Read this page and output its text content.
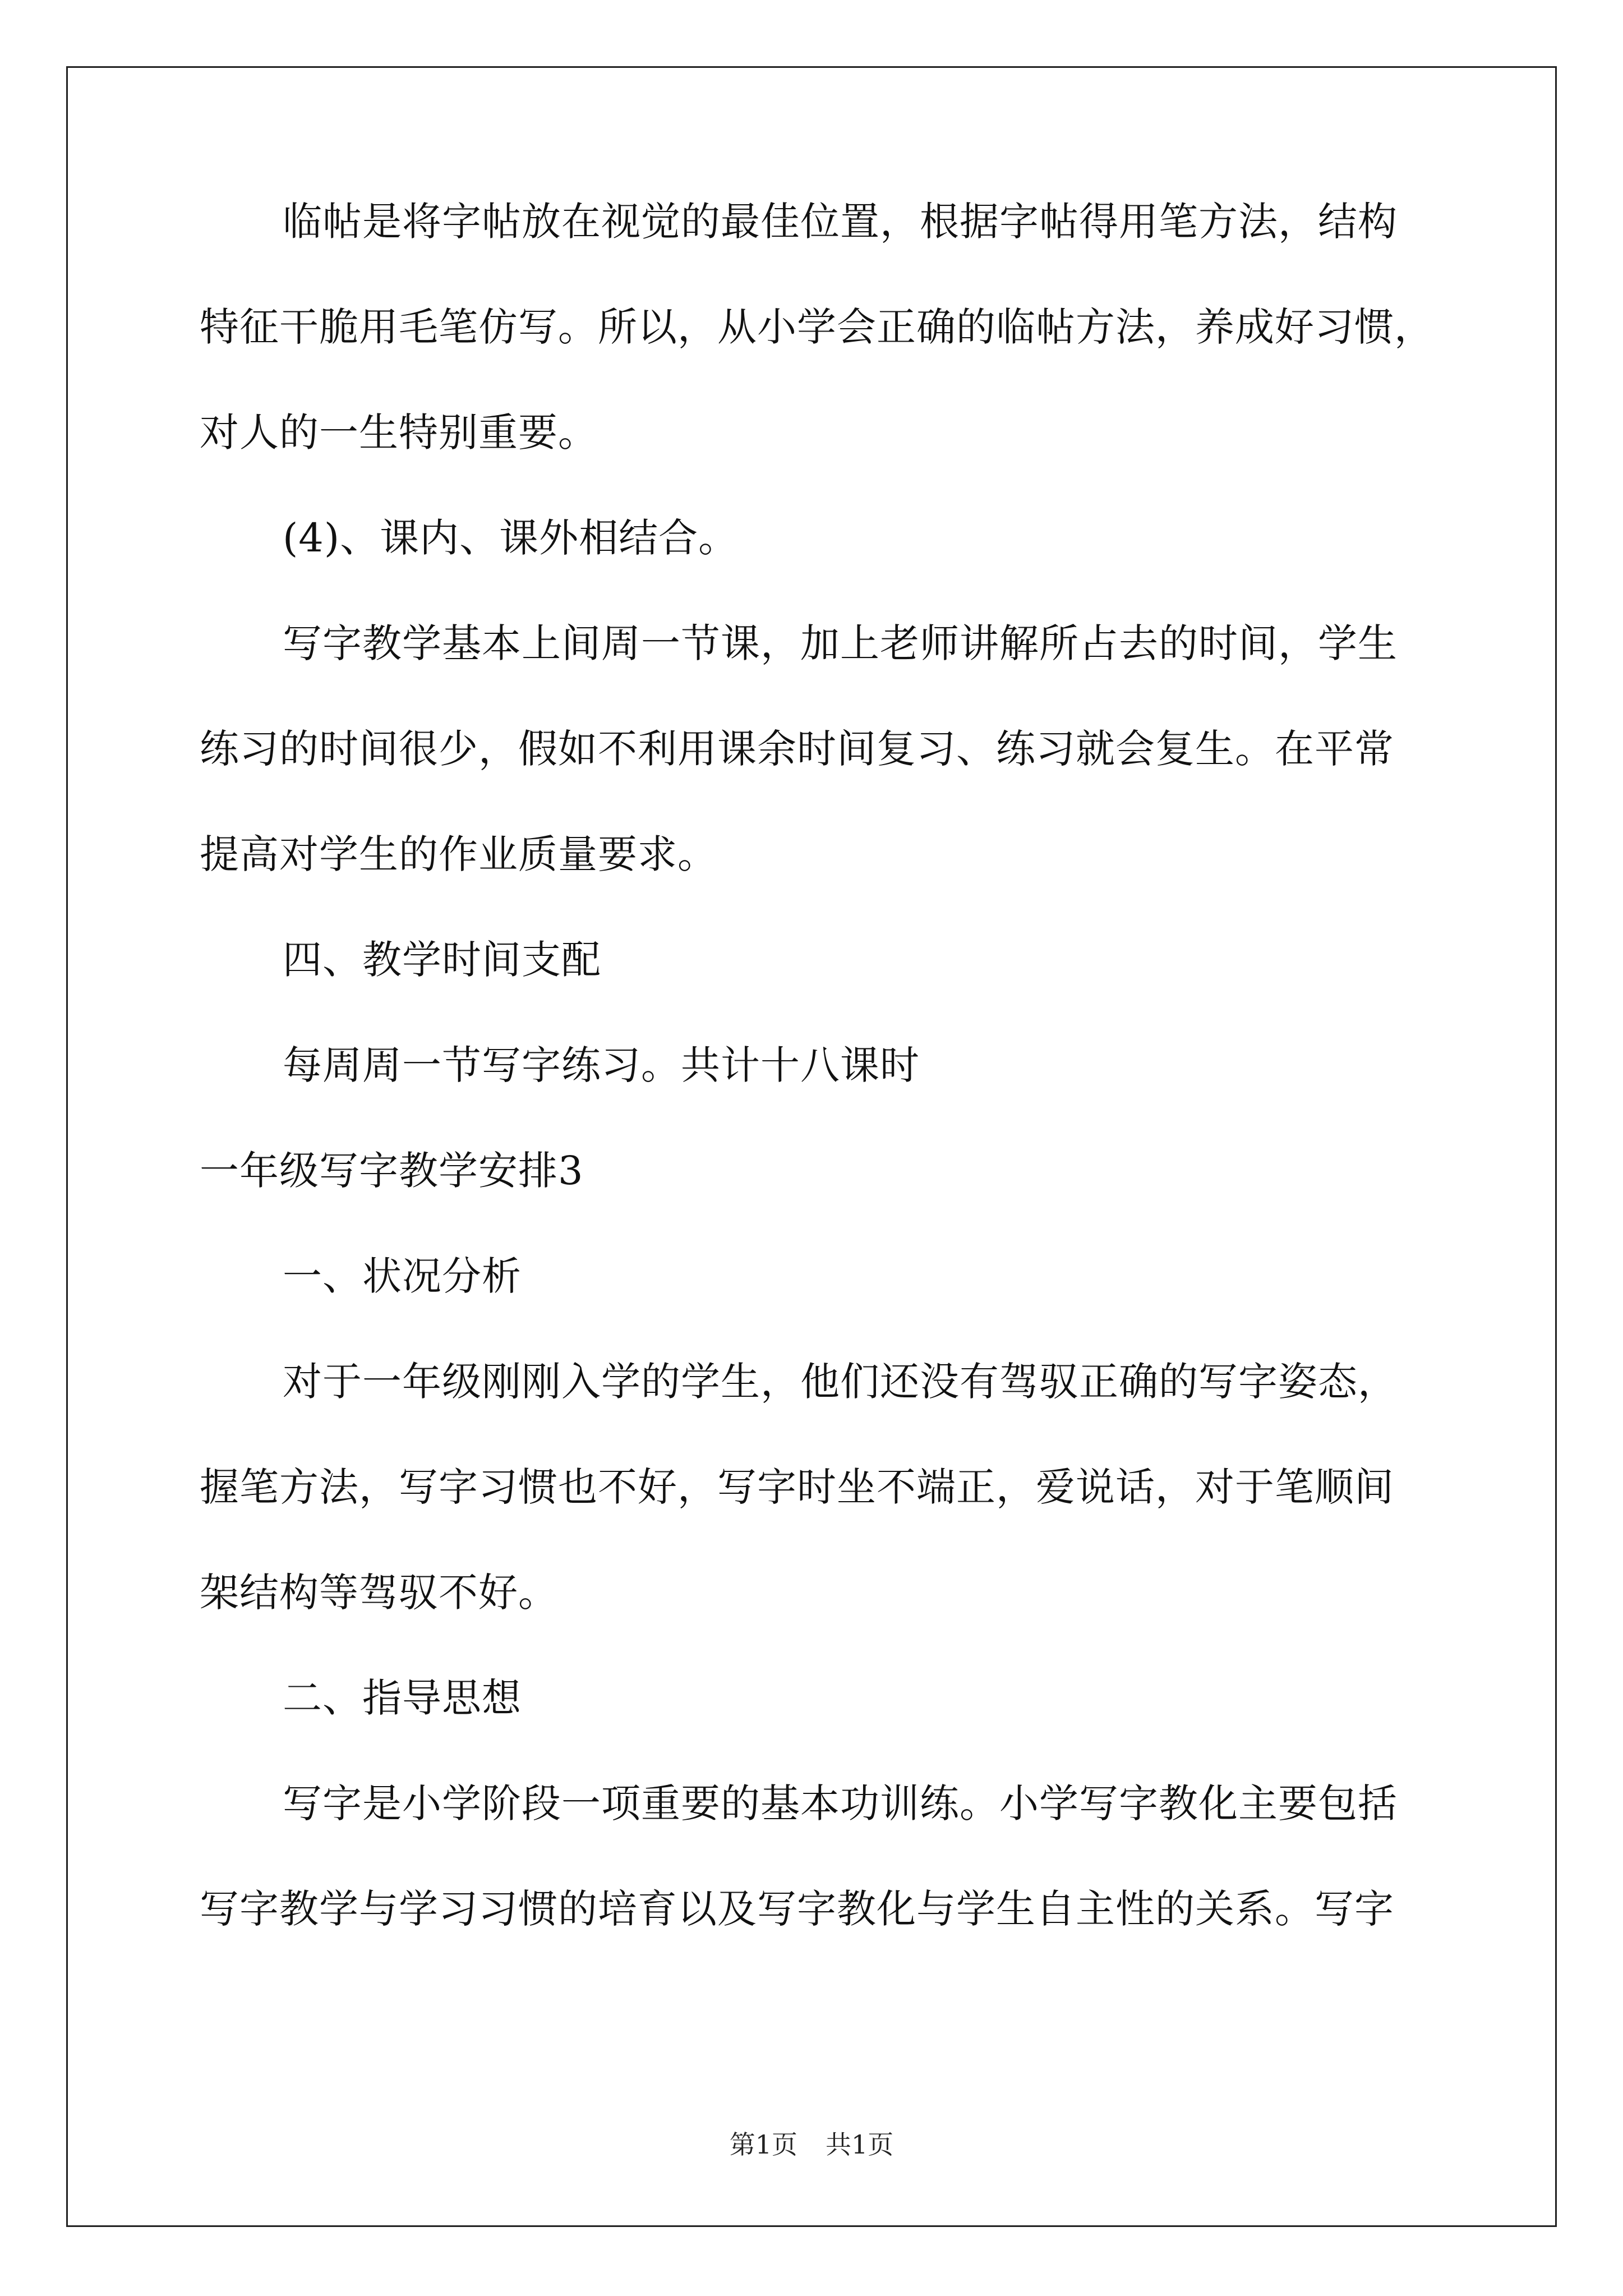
临帖是将字帖放在视觉的最佳位置，根据字帖得用笔方法，结构

特征干脆用毛笔仿写。所以，从小学会正确的临帖方法，养成好习惯，

对人的一生特别重要。

(4)、课内、课外相结合。

写字教学基本上间周一节课，加上老师讲解所占去的时间，学生

练习的时间很少，假如不利用课余时间复习、练习就会复生。在平常

提高对学生的作业质量要求。

四、教学时间支配

每周周一节写字练习。共计十八课时

一年级写字教学安排3

一、状况分析

对于一年级刚刚入学的学生，他们还没有驾驭正确的写字姿态，

握笔方法，写字习惯也不好，写字时坐不端正，爱说话，对于笔顺间

架结构等驾驭不好。

二、指导思想

写字是小学阶段一项重要的基本功训练。小学写字教化主要包括

写字教学与学习习惯的培育以及写字教化与学生自主性的关系。写字

第1页 共1页
